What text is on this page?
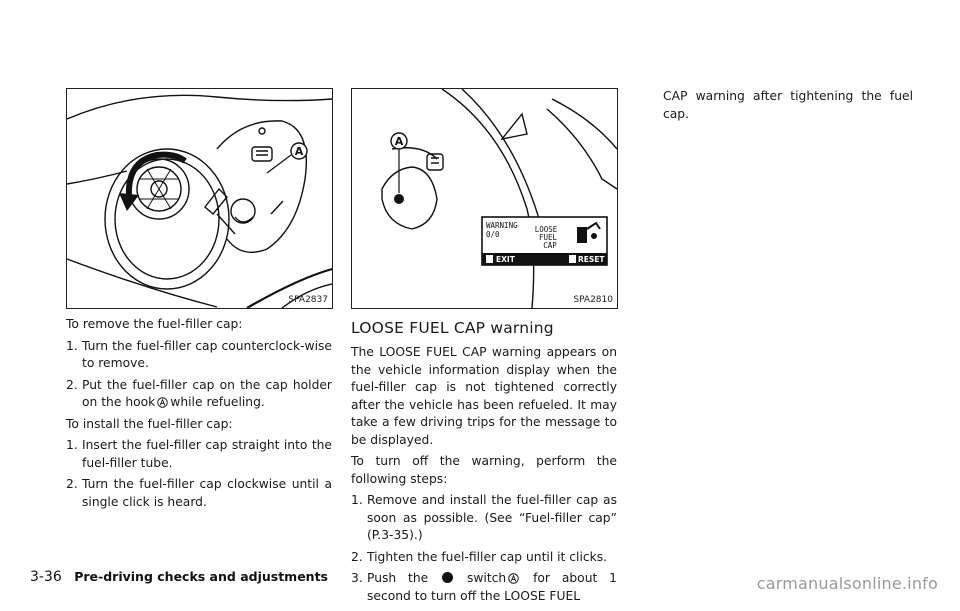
A
SPA2837
A
WARNING
0/0
LOOSE
FUEL
CAP
EXIT	RESET
SPA2810

To remove the fuel-filler cap:

1. Turn the fuel-filler cap counterclock-wise to remove.
2. Put the fuel-filler cap on the cap holder on the hook while refueling.

To install the fuel-filler cap:

1. Insert the fuel-filler cap straight into the fuel-filler tube.
2. Turn the fuel-filler cap clockwise until a single click is heard.
LOOSE FUEL CAP warning

The LOOSE FUEL CAP warning appears on the vehicle information display when the fuel-filler cap is not tightened correctly after the vehicle has been refueled. It may take a few driving trips for the message to be displayed.

To turn off the warning, perform the following steps:

1. Remove and install the fuel-filler cap as soon as possible. (See “Fuel-filler cap” (P.3-35).)
2. Tighten the fuel-filler cap until it clicks.
3. Push the	switch for about 1 second to turn off the LOOSE FUEL

CAP warning after tightening the fuel cap.

3-36 Pre-driving checks and adjustments	carmanualsonline.info
